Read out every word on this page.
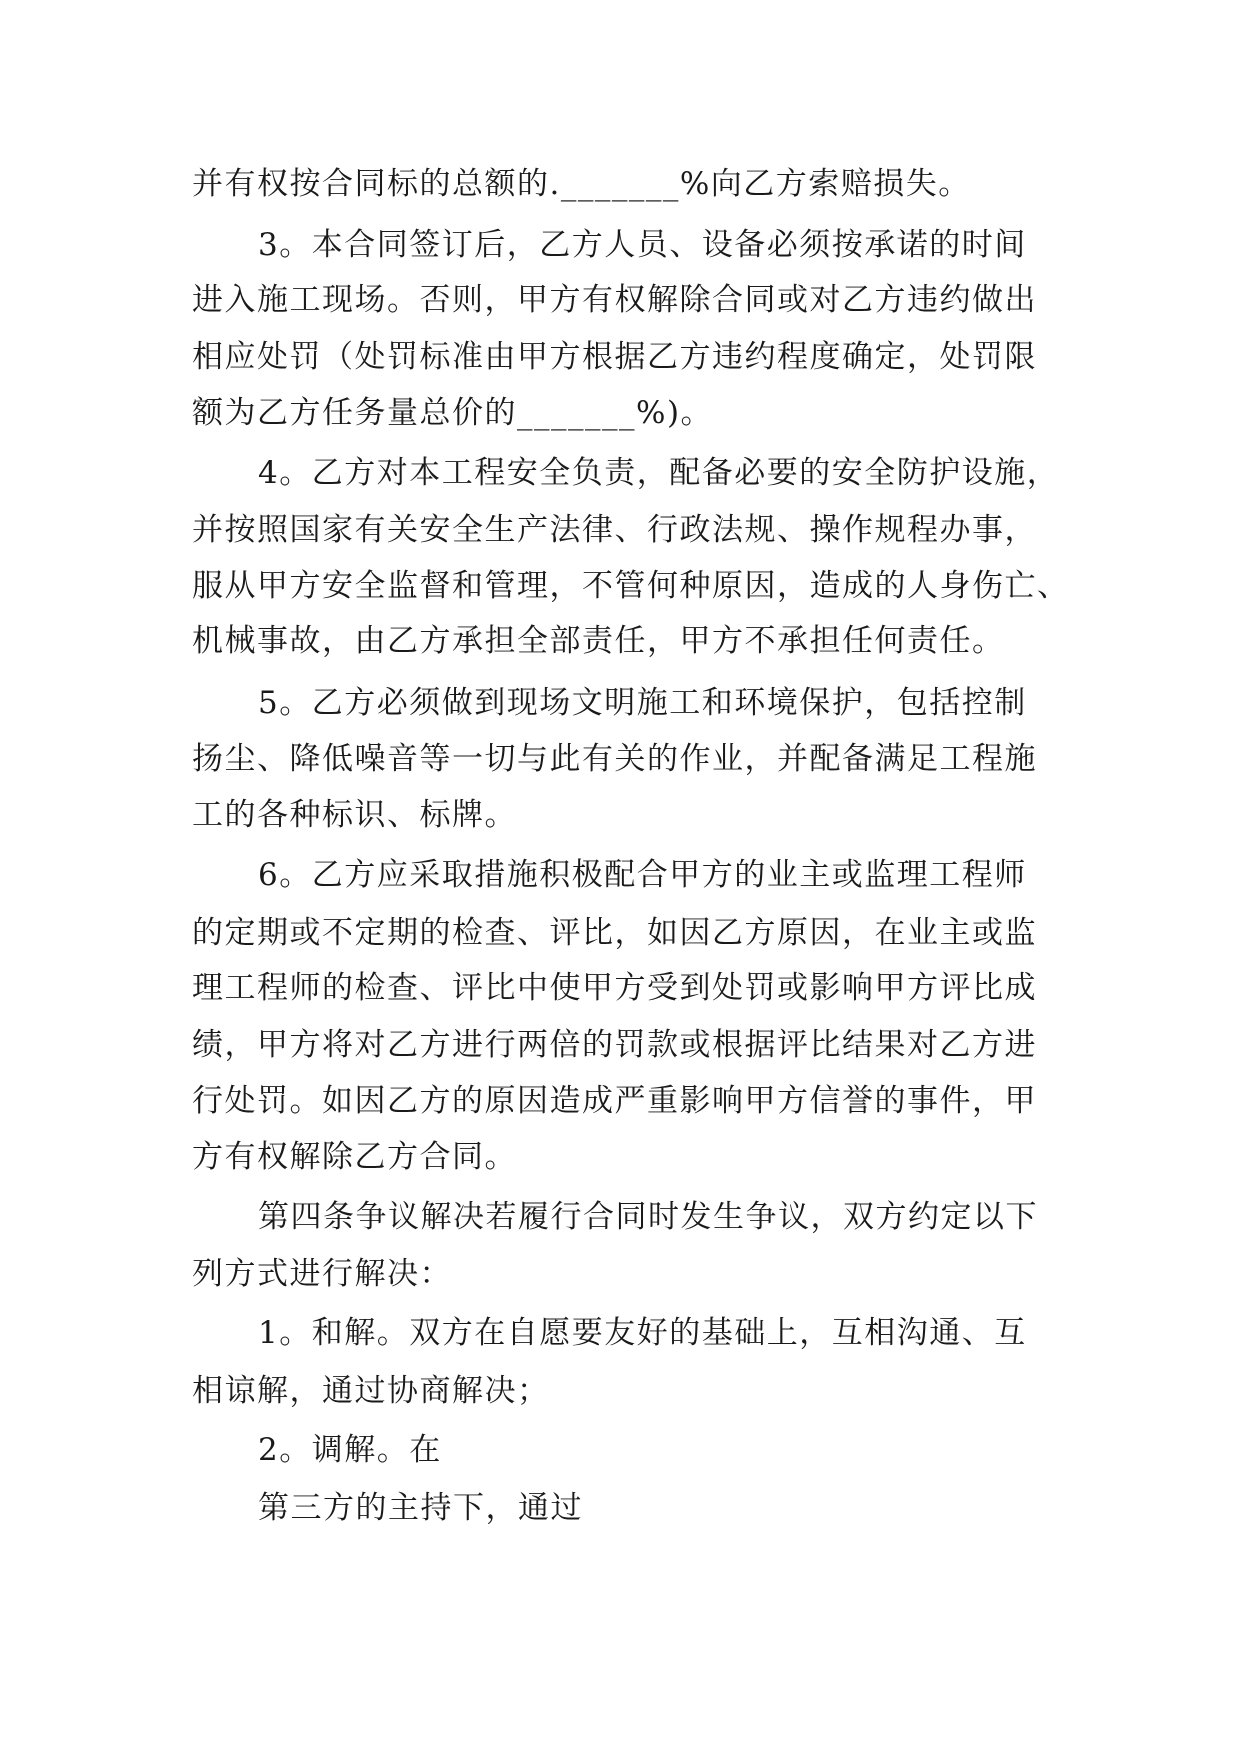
并有权按合同标的总额的._______%向乙方索赔损失。
3。本合同签订后，乙方人员、设备必须按承诺的时间
进入施工现场。否则，甲方有权解除合同或对乙方违约做出
相应处罚（处罚标准由甲方根据乙方违约程度确定，处罚限
额为乙方任务量总价的_______%)。
4。乙方对本工程安全负责，配备必要的安全防护设施，
并按照国家有关安全生产法律、行政法规、操作规程办事，
服从甲方安全监督和管理，不管何种原因，造成的人身伤亡、
机械事故，由乙方承担全部责任，甲方不承担任何责任。
5。乙方必须做到现场文明施工和环境保护，包括控制
扬尘、降低噪音等一切与此有关的作业，并配备满足工程施
工的各种标识、标牌。
6。乙方应采取措施积极配合甲方的业主或监理工程师
的定期或不定期的检查、评比，如因乙方原因，在业主或监
理工程师的检查、评比中使甲方受到处罚或影响甲方评比成
绩，甲方将对乙方进行两倍的罚款或根据评比结果对乙方进
行处罚。如因乙方的原因造成严重影响甲方信誉的事件，甲
方有权解除乙方合同。
第四条争议解决若履行合同时发生争议，双方约定以下
列方式进行解决：
1。和解。双方在自愿要友好的基础上，互相沟通、互
相谅解，通过协商解决；
2。调解。在
第三方的主持下，通过
